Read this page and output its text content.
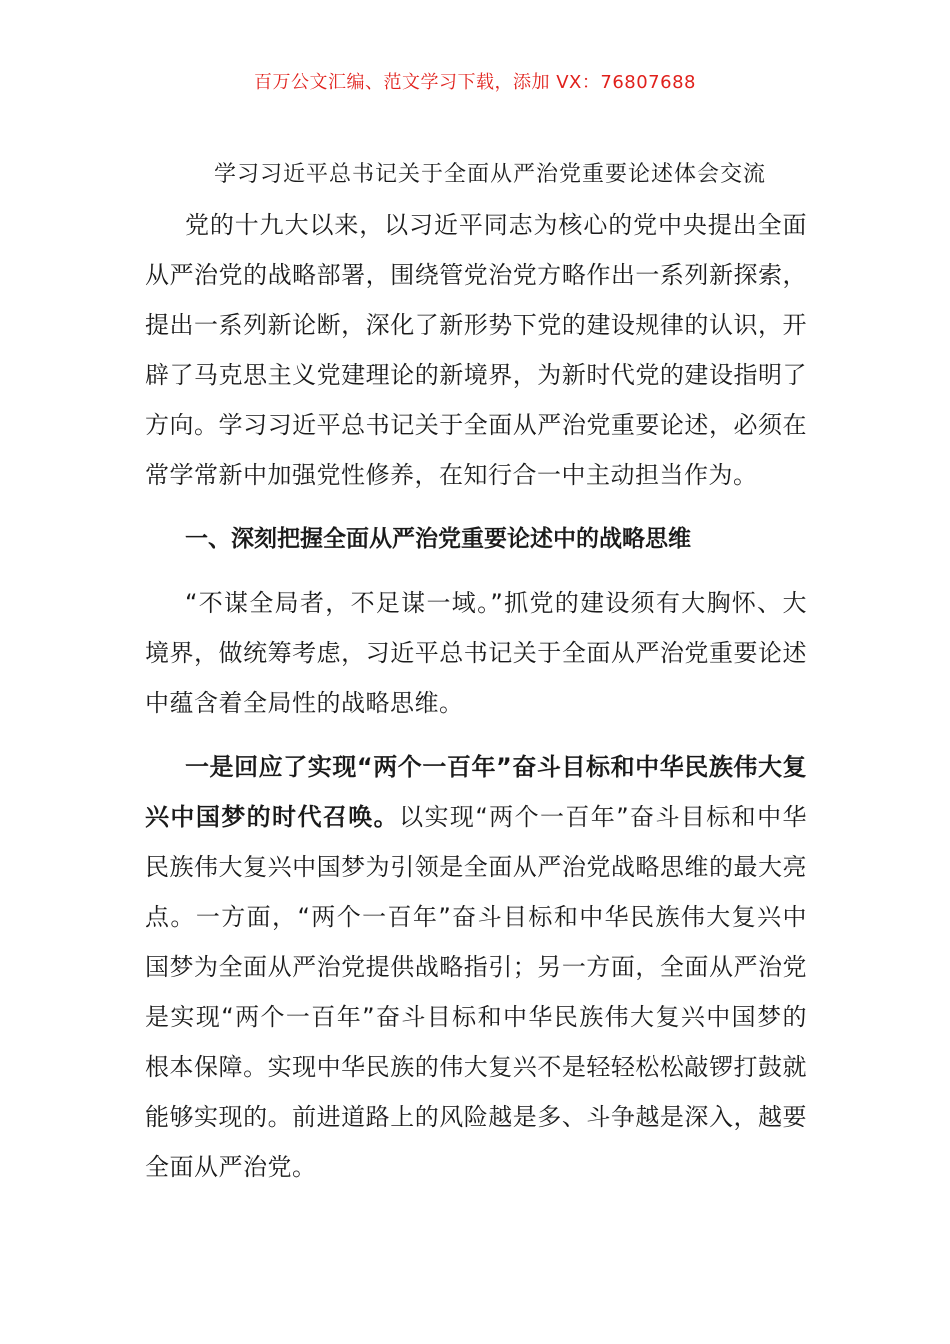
百万公文汇编、范文学习下载，添加 VX：76807688
学习习近平总书记关于全面从严治党重要论述体会交流

党的十九大以来，以习近平同志为核心的党中央提出全面从严治党的战略部署，围绕管党治党方略作出一系列新探索，提出一系列新论断，深化了新形势下党的建设规律的认识，开辟了马克思主义党建理论的新境界，为新时代党的建设指明了方向。学习习近平总书记关于全面从严治党重要论述，必须在常学常新中加强党性修养，在知行合一中主动担当作为。

一、深刻把握全面从严治党重要论述中的战略思维

“不谋全局者，不足谋一域。”抓党的建设须有大胸怀、大境界，做统筹考虑，习近平总书记关于全面从严治党重要论述中蕴含着全局性的战略思维。

一是回应了实现“两个一百年”奋斗目标和中华民族伟大复兴中国梦的时代召唤。以实现“两个一百年”奋斗目标和中华民族伟大复兴中国梦为引领是全面从严治党战略思维的最大亮点。一方面，“两个一百年”奋斗目标和中华民族伟大复兴中国梦为全面从严治党提供战略指引；另一方面，全面从严治党是实现“两个一百年”奋斗目标和中华民族伟大复兴中国梦的根本保障。实现中华民族的伟大复兴不是轻轻松松敲锣打鼓就能够实现的。前进道路上的风险越是多、斗争越是深入，越要全面从严治党。
